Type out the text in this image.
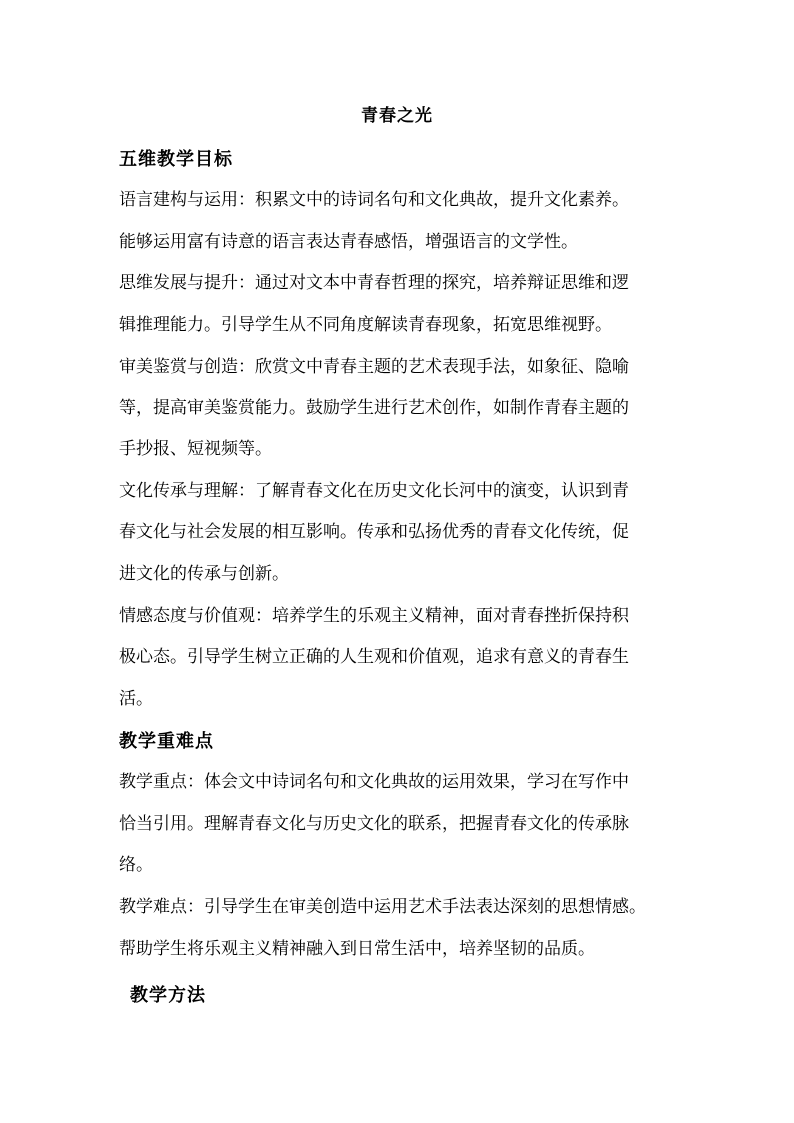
青春之光
五维教学目标
语言建构与运用：积累文中的诗词名句和文化典故，提升文化素养。
能够运用富有诗意的语言表达青春感悟，增强语言的文学性。
思维发展与提升：通过对文本中青春哲理的探究，培养辩证思维和逻
辑推理能力。引导学生从不同角度解读青春现象，拓宽思维视野。
审美鉴赏与创造：欣赏文中青春主题的艺术表现手法，如象征、隐喻
等，提高审美鉴赏能力。鼓励学生进行艺术创作，如制作青春主题的
手抄报、短视频等。
文化传承与理解：了解青春文化在历史文化长河中的演变，认识到青
春文化与社会发展的相互影响。传承和弘扬优秀的青春文化传统，促
进文化的传承与创新。
情感态度与价值观：培养学生的乐观主义精神，面对青春挫折保持积
极心态。引导学生树立正确的人生观和价值观，追求有意义的青春生
活。
教学重难点
教学重点：体会文中诗词名句和文化典故的运用效果，学习在写作中
恰当引用。理解青春文化与历史文化的联系，把握青春文化的传承脉
络。
教学难点：引导学生在审美创造中运用艺术手法表达深刻的思想情感。
帮助学生将乐观主义精神融入到日常生活中，培养坚韧的品质。
教学方法
